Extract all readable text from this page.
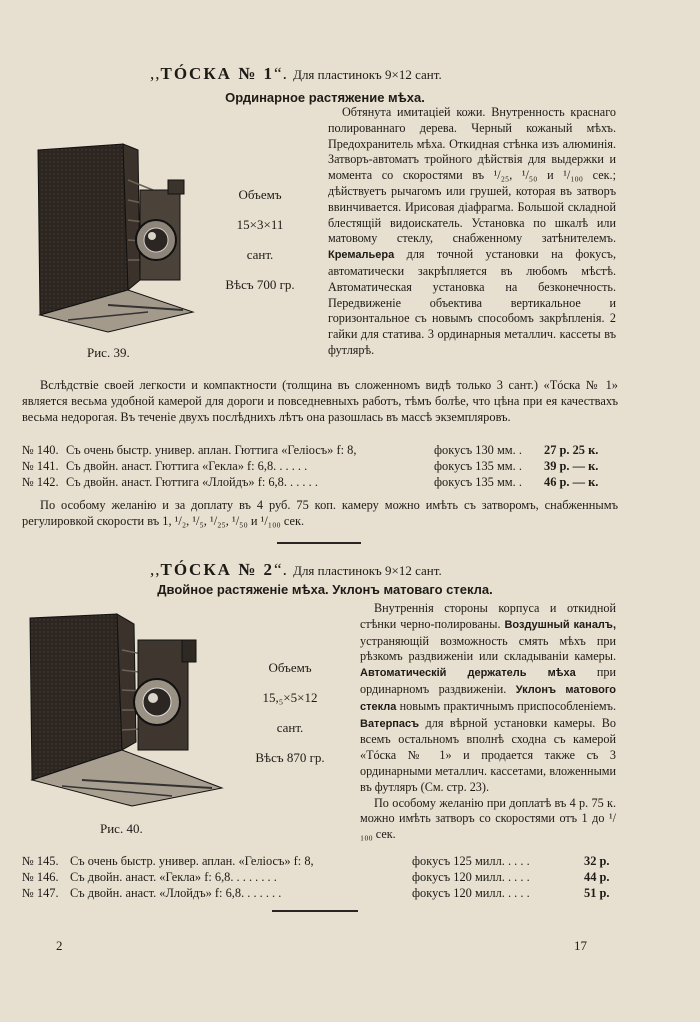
,,ТÓСКА № 1“. Для пластинокъ 9×12 сант.
Ординарное растяжение мѣха.
Объемъ
15×3×11
сант.
Вѣсъ 700 гр.
Рис. 39.
Обтянута имитацiей кожи. Внутренность краснаго полированнаго дерева. Черный кожаный мѣхъ. Предохранитель мѣха. Откидная стѣнка изъ алюминiя. Затворъ-автоматъ тройного дѣйствiя для выдержки и момента со скоростями въ ¹/₂₅, ¹/₅₀ и ¹/₁₀₀ сек.; дѣйствуетъ рычагомъ или грушей, которая въ затворъ ввинчивается. Ирисовая дiафрагма. Большой складной блестящiй видоискатель. Установка по шкалѣ или матовому стеклу, снабженному затѣнителемъ. Кремальера для точной установки на фокусъ, автоматически закрѣпляется въ любомъ мѣстѣ. Автоматическая установка на безконечность. Передвиженiе объектива вертикальное и горизонтальное съ новымъ способомъ закрѣпленiя. 2 гайки для статива. 3 ординарныя металлич. кассеты въ футлярѣ.
Вслѣдствiе своей легкости и компактности (толщина въ сложенномъ видѣ только 3 сант.) «Тóска № 1» является весьма удобной камерой для дороги и повседневныхъ работъ, тѣмъ болѣе, что цѣна при ея качествахъ весьма недорогая. Въ теченiе двухъ послѣднихъ лѣтъ она разошлась въ массѣ экземпляровъ.
№ 140. Съ очень быстр. универ. аплан. Гюттига «Гелiосъ» f: 8,	фокусъ 130 мм. . 27 р. 25 к.
№ 141. Съ двойн. анаст. Гюттига «Гекла» f: 6,8. . . . . .	фокусъ 135 мм. . 39 р. — к.
№ 142. Съ двойн. анаст. Гюттига «Ллойдъ» f: 6,8. . . . . .	фокусъ 135 мм. . 46 р. — к.
По особому желанiю и за доплату въ 4 руб. 75 коп. камеру можно имѣть съ затворомъ, снабженнымъ регулировкой скорости въ 1, ¹/₂, ¹/₅, ¹/₂₅, ¹/₅₀ и ¹/₁₀₀ сек.
,,ТÓСКА № 2“. Для пластинокъ 9×12 сант.
Двойное растяженiе мѣха. Уклонъ матоваго стекла.
Объемъ
15,₅×5×12
сант.
Вѣсъ 870 гр.
Рис. 40.
Внутреннiя стороны корпуса и откидной стѣнки черно-полированы. Воздушный каналъ, устраняющiй возможность смять мѣхъ при рѣзкомъ раздвиженiи или складыванiи камеры. Автоматическiй держатель мѣха при ординарномъ раздвиженiи. Уклонъ матового стекла новымъ практичнымъ приспособленiемъ. Ватерпасъ для вѣрной установки камеры. Во всемъ остальномъ вполнѣ сходна съ камерой «Тóска № 1» и продается также съ 3 ординарными металлич. кассетами, вложенными въ футляръ (См. стр. 23).
По особому желанiю при доплатѣ въ 4 р. 75 к. можно имѣть затворъ со скоростями отъ 1 до ¹/₁₀₀ сек.
№ 145. Съ очень быстр. универ. аплан. «Гелiосъ» f: 8,	фокусъ 125 милл. . . . .	32 р.
№ 146. Съ двойн. анаст. «Гекла» f: 6,8. . . . . . . .	фокусъ 120 милл. . . . .	44 р.
№ 147. Съ двойн. анаст. «Ллойдъ» f: 6,8. . . . . . .	фокусъ 120 милл. . . . .	51 р.
2	17
